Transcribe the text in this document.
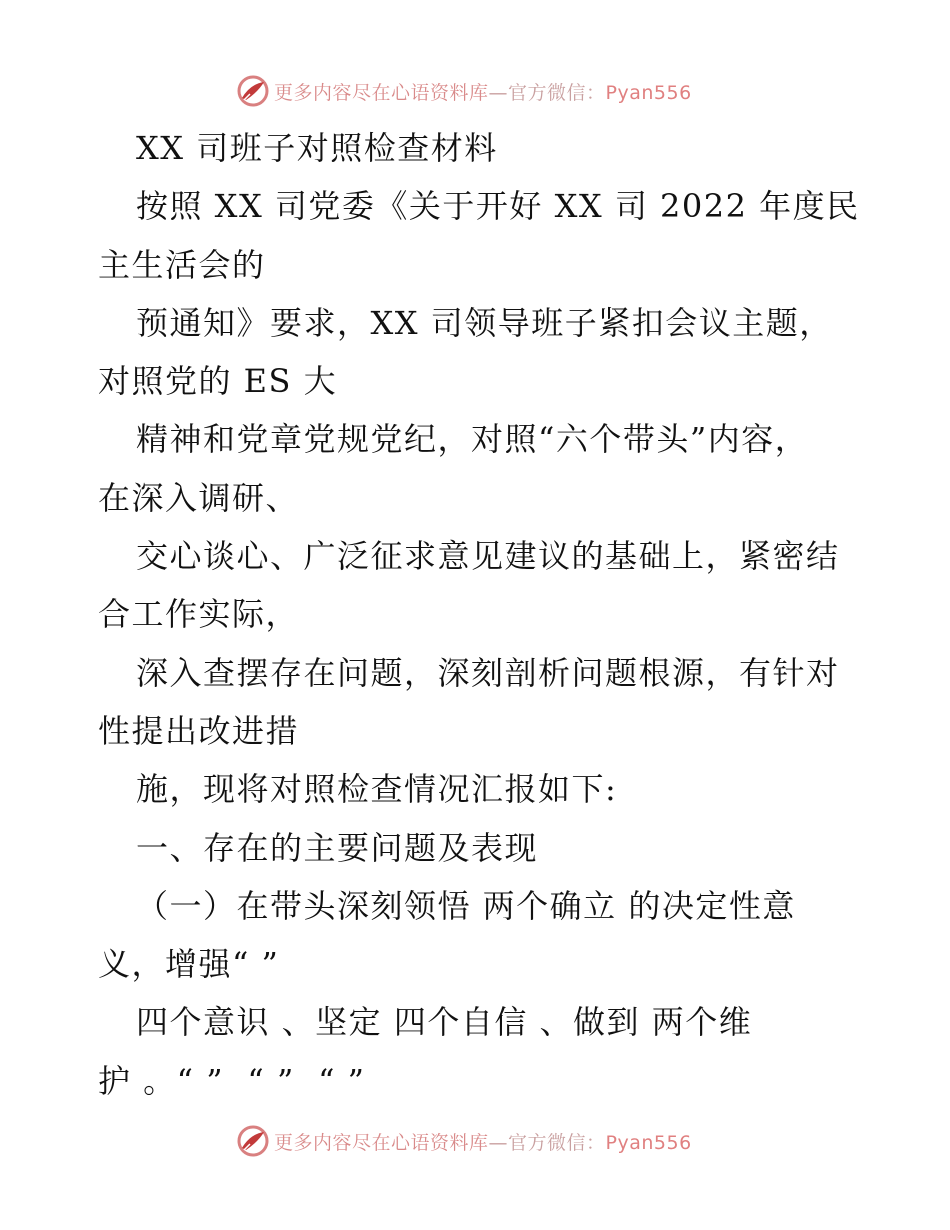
更多内容尽在心语资料库—官方微信：Pyan556
XX 司班子对照检查材料
按照 XX 司党委《关于开好 XX 司 2022 年度民
主生活会的
预通知》要求，XX 司领导班子紧扣会议主题，
对照党的 ES 大
精神和党章党规党纪，对照“六个带头”内容，
在深入调研、
交心谈心、广泛征求意见建议的基础上，紧密结
合工作实际，
深入查摆存在问题，深刻剖析问题根源，有针对
性提出改进措
施，现将对照检查情况汇报如下:
一、存在的主要问题及表现
（一）在带头深刻领悟 两个确立 的决定性意
义，增强“ ”
四个意识 、坚定 四个自信 、做到 两个维
护 。“ ”  “ ”  “ ”
更多内容尽在心语资料库—官方微信：Pyan556
